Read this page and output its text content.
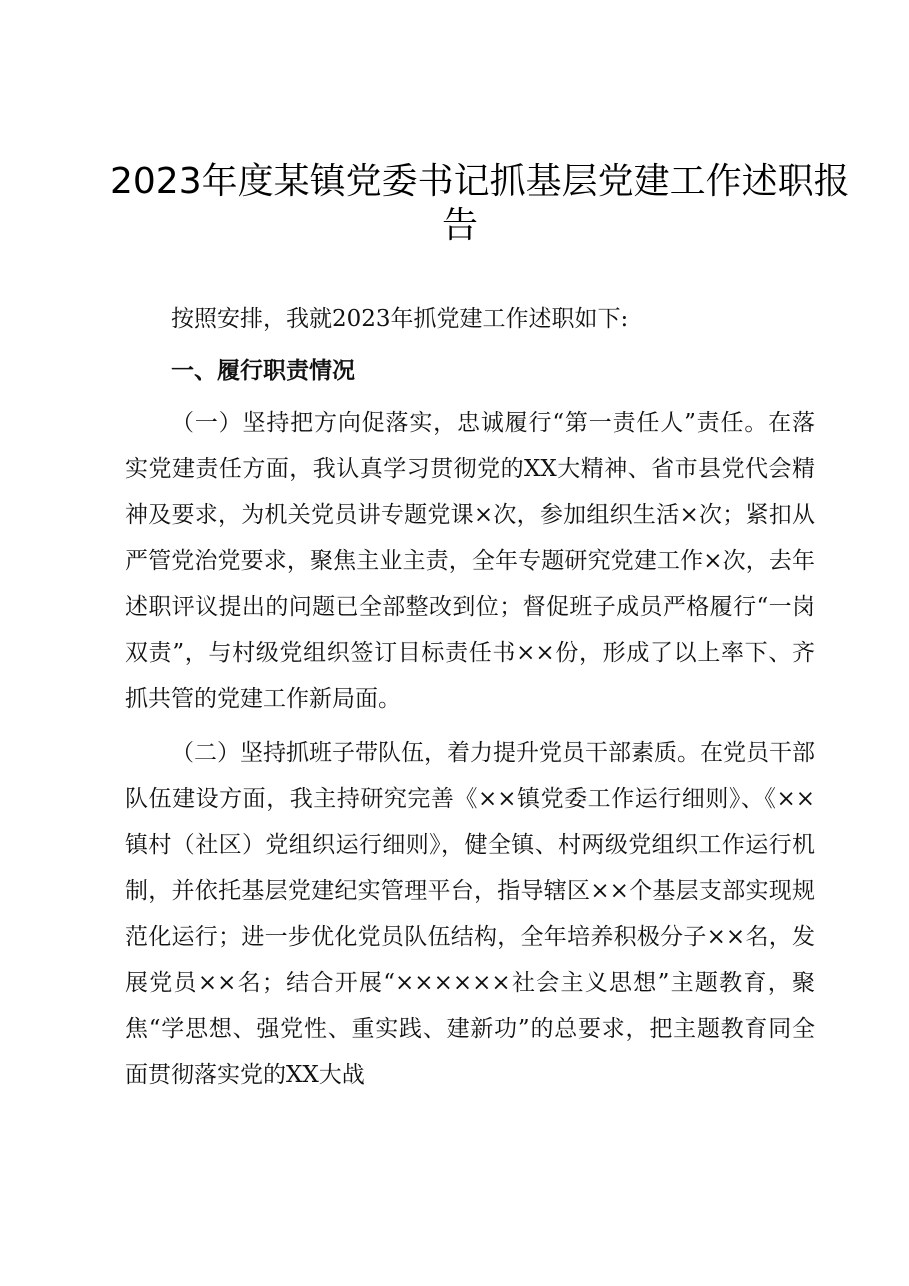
2023年度某镇党委书记抓基层党建工作述职报
告

按照安排，我就2023年抓党建工作述职如下:

一、履行职责情况

（一）坚持把方向促落实，忠诚履行“第一责任人”责任。在落实党建责任方面，我认真学习贯彻党的XX大精神、省市县党代会精神及要求，为机关党员讲专题党课×次，参加组织生活×次；紧扣从严管党治党要求，聚焦主业主责，全年专题研究党建工作×次，去年述职评议提出的问题已全部整改到位；督促班子成员严格履行“一岗双责”，与村级党组织签订目标责任书××份，形成了以上率下、齐抓共管的党建工作新局面。

（二）坚持抓班子带队伍，着力提升党员干部素质。在党员干部队伍建设方面，我主持研究完善《××镇党委工作运行细则》、《××镇村（社区）党组织运行细则》，健全镇、村两级党组织工作运行机制，并依托基层党建纪实管理平台，指导辖区××个基层支部实现规范化运行；进一步优化党员队伍结构，全年培养积极分子××名，发展党员××名；结合开展“××××××社会主义思想”主题教育，聚焦“学思想、强党性、重实践、建新功”的总要求，把主题教育同全面贯彻落实党的XX大战
